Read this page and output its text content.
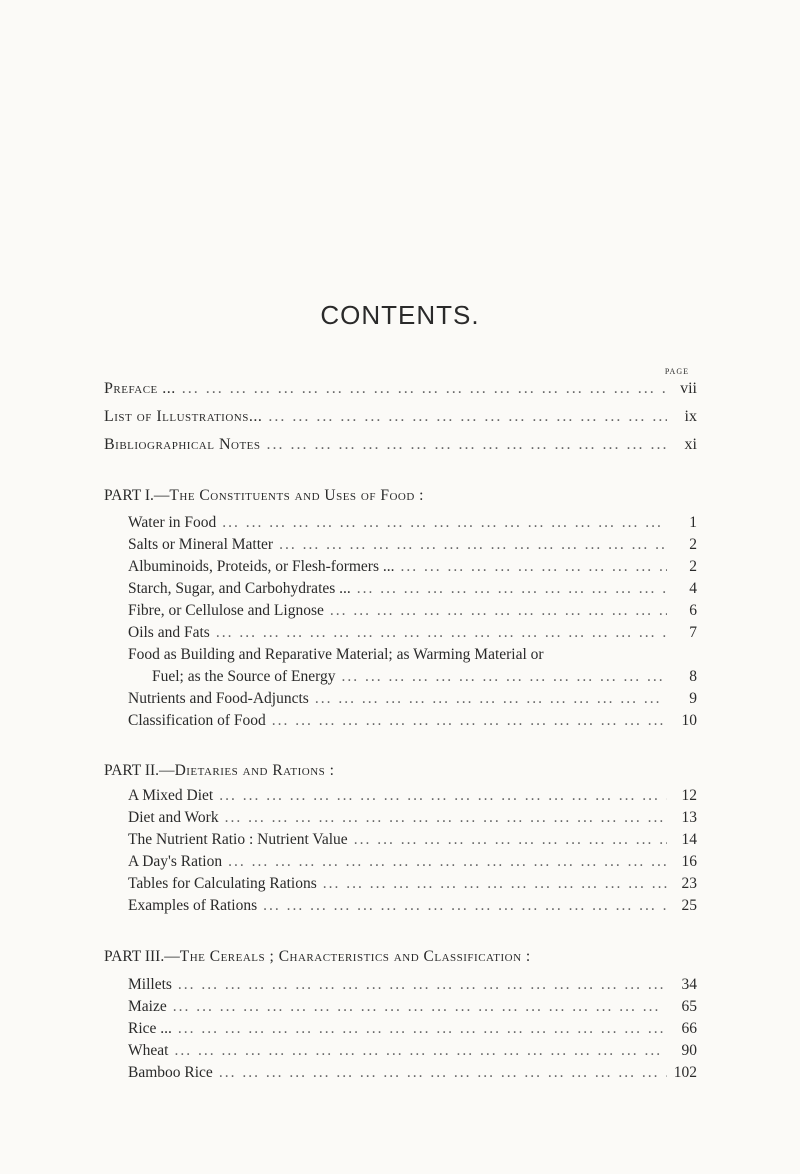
CONTENTS.
PAGE
Preface ... ... .	vii
List of Illustrations... ... .	ix
Bibliographical Notes ... .	xi
PART I.—The Constituents and Uses of Food :
Water in Food ... .	1
Salts or Mineral Matter ... .	2
Albuminoids, Proteids, or Flesh-formers ... ... .	2
Starch, Sugar, and Carbohydrates ... ... .	4
Fibre, or Cellulose and Lignose ... .	6
Oils and Fats ... .	7
Food as Building and Reparative Material; as Warming Material or
Fuel; as the Source of Energy ... .	8
Nutrients and Food-Adjuncts ... .	9
Classification of Food ... .	10
PART II.—Dietaries and Rations :
A Mixed Diet ... .	12
Diet and Work ... .	13
The Nutrient Ratio : Nutrient Value ... .	14
A Day's Ration ... .	16
Tables for Calculating Rations ... .	23
Examples of Rations ... .	25
PART III.—The Cereals ; Characteristics and Classification :
Millets ... .	34
Maize ... .	65
Rice ... ... .	66
Wheat ... .	90
Bamboo Rice ... .	102
